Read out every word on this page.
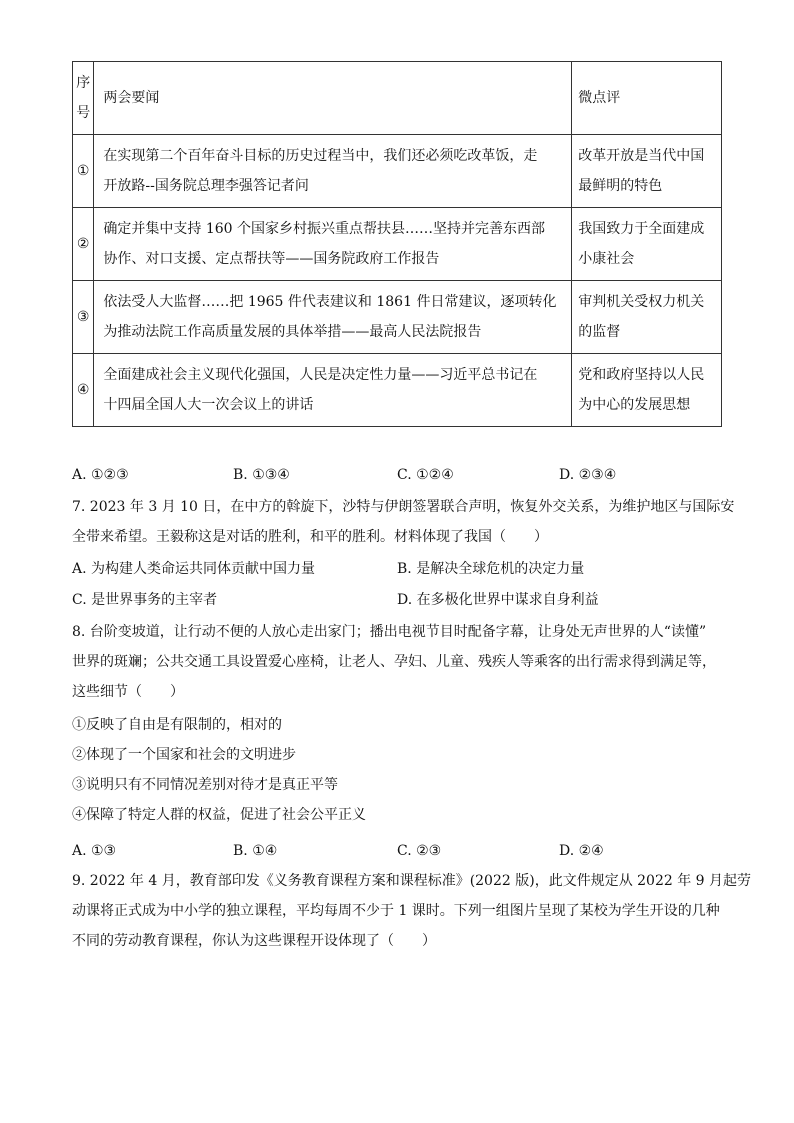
序号	两会要闻	微点评
①	在实现第二个百年奋斗目标的历史过程当中，我们还必须吃改革饭，走
开放路--国务院总理李强答记者问	改革开放是当代中国
最鲜明的特色

②	确定并集中支持 160 个国家乡村振兴重点帮扶县……坚持并完善东西部
协作、对口支援、定点帮扶等——国务院政府工作报告	我国致力于全面建成
小康社会

③	依法受人大监督……把 1965 件代表建议和 1861 件日常建议，逐项转化
为推动法院工作高质量发展的具体举措——最高人民法院报告	审判机关受权力机关
的监督

④	全面建成社会主义现代化强国，人民是决定性力量——习近平总书记在
十四届全国人大一次会议上的讲话	党和政府坚持以人民
为中心的发展思想
A. ①②③	B. ①③④	C. ①②④	D. ②③④
7. 2023 年 3 月 10 日，在中方的斡旋下，沙特与伊朗签署联合声明，恢复外交关系，为维护地区与国际安
全带来希望。王毅称这是对话的胜利，和平的胜利。材料体现了我国（　　）
A. 为构建人类命运共同体贡献中国力量	B. 是解决全球危机的决定力量
C. 是世界事务的主宰者	D. 在多极化世界中谋求自身利益
8. 台阶变坡道，让行动不便的人放心走出家门；播出电视节目时配备字幕，让身处无声世界的人“读懂”
世界的斑斓；公共交通工具设置爱心座椅，让老人、孕妇、儿童、残疾人等乘客的出行需求得到满足等，
这些细节（　　）
①反映了自由是有限制的，相对的
②体现了一个国家和社会的文明进步
③说明只有不同情况差别对待才是真正平等
④保障了特定人群的权益，促进了社会公平正义
A. ①③	B. ①④	C. ②③	D. ②④
9. 2022 年 4 月，教育部印发《义务教育课程方案和课程标准》(2022 版)，此文件规定从 2022 年 9 月起劳
动课将正式成为中小学的独立课程，平均每周不少于 1 课时。下列一组图片呈现了某校为学生开设的几种
不同的劳动教育课程，你认为这些课程开设体现了（　　）
